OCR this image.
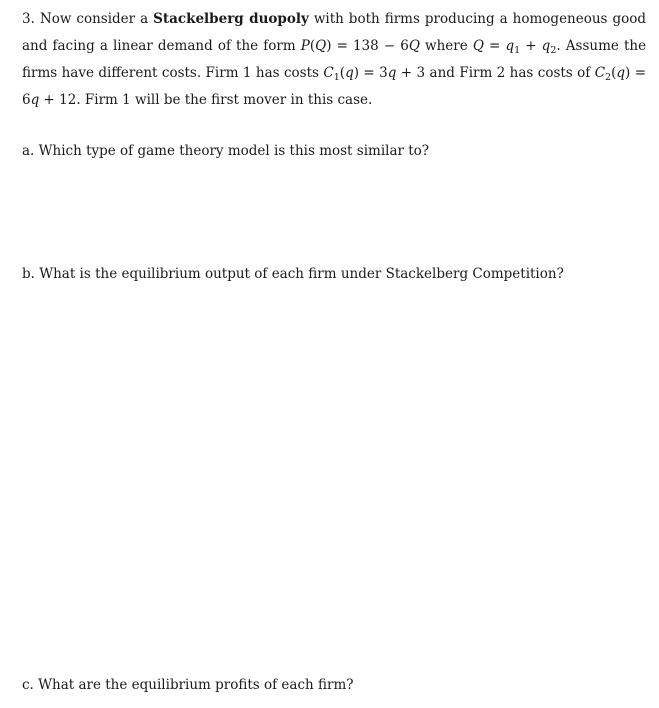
3. Now consider a Stackelberg duopoly with both firms producing a homogeneous good and facing a linear demand of the form P(Q) = 138 − 6Q where $Q = q_1 + q_2$. Assume the firms have different costs. Firm 1 has costs $C_1(q) = 3q + 3$ and Firm 2 has costs of $C_2(q) = 6q + 12$. Firm 1 will be the first mover in this case.

a. Which type of game theory model is this most similar to?
b. What is the equilibrium output of each firm under Stackelberg Competition?
c. What are the equilibrium profits of each firm?
